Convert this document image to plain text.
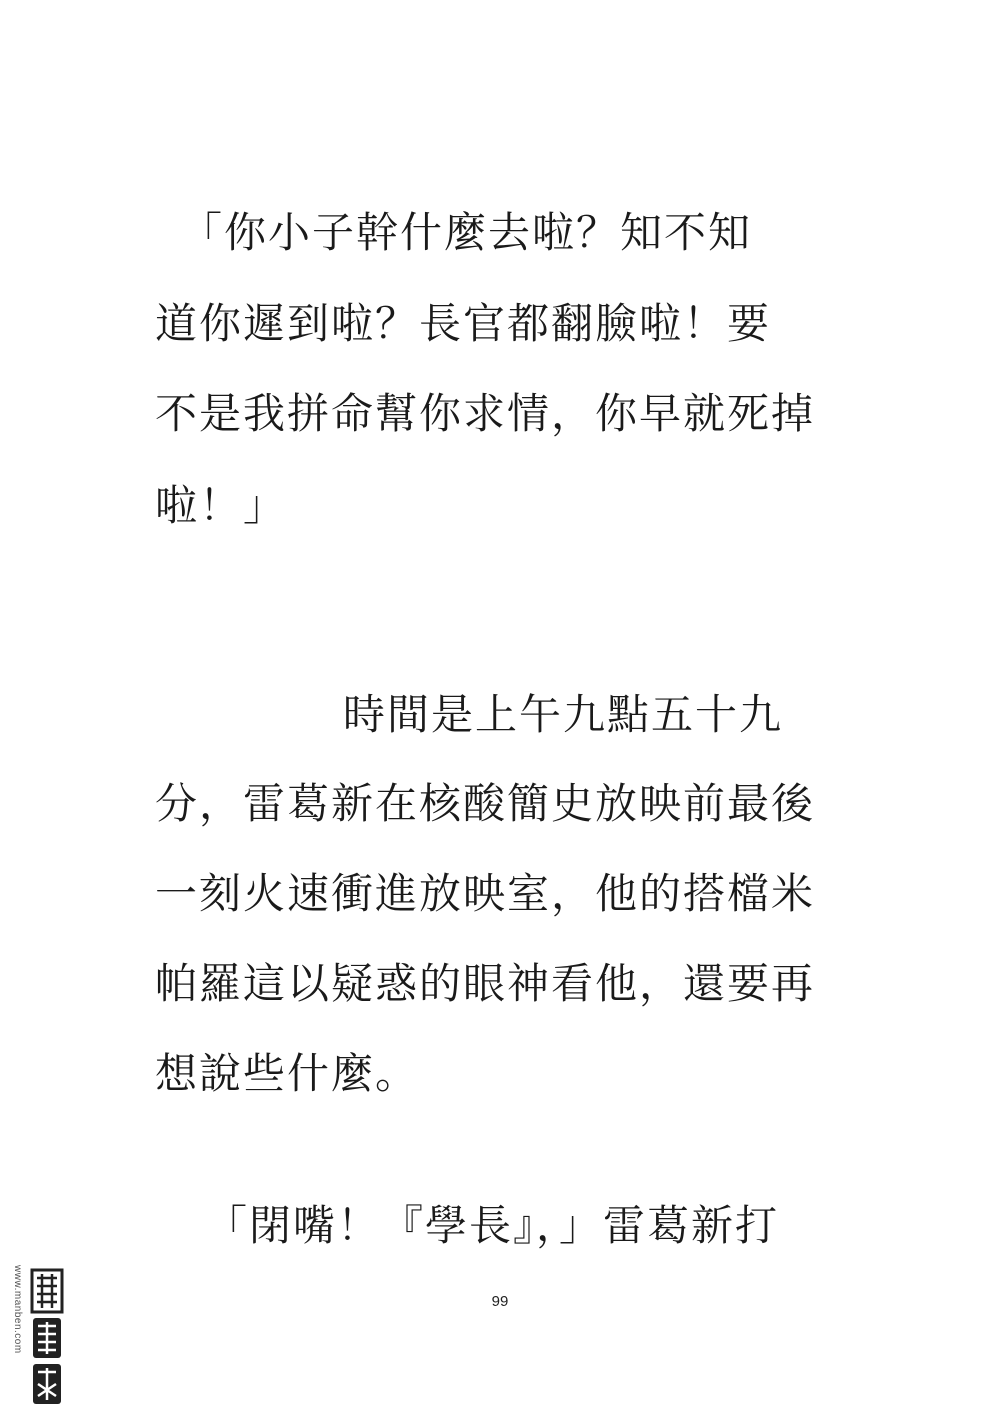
「你小子幹什麼去啦？知不知
道你遲到啦？長官都翻臉啦！要
不是我拼命幫你求情，你早就死掉
啦！」
時間是上午九點五十九
分，雷葛新在核酸簡史放映前最後
一刻火速衝進放映室，他的搭檔米
帕羅這以疑惑的眼神看他，還要再
想說些什麼。
「閉嘴！『學長』，」雷葛新打
99
www.manben.com
